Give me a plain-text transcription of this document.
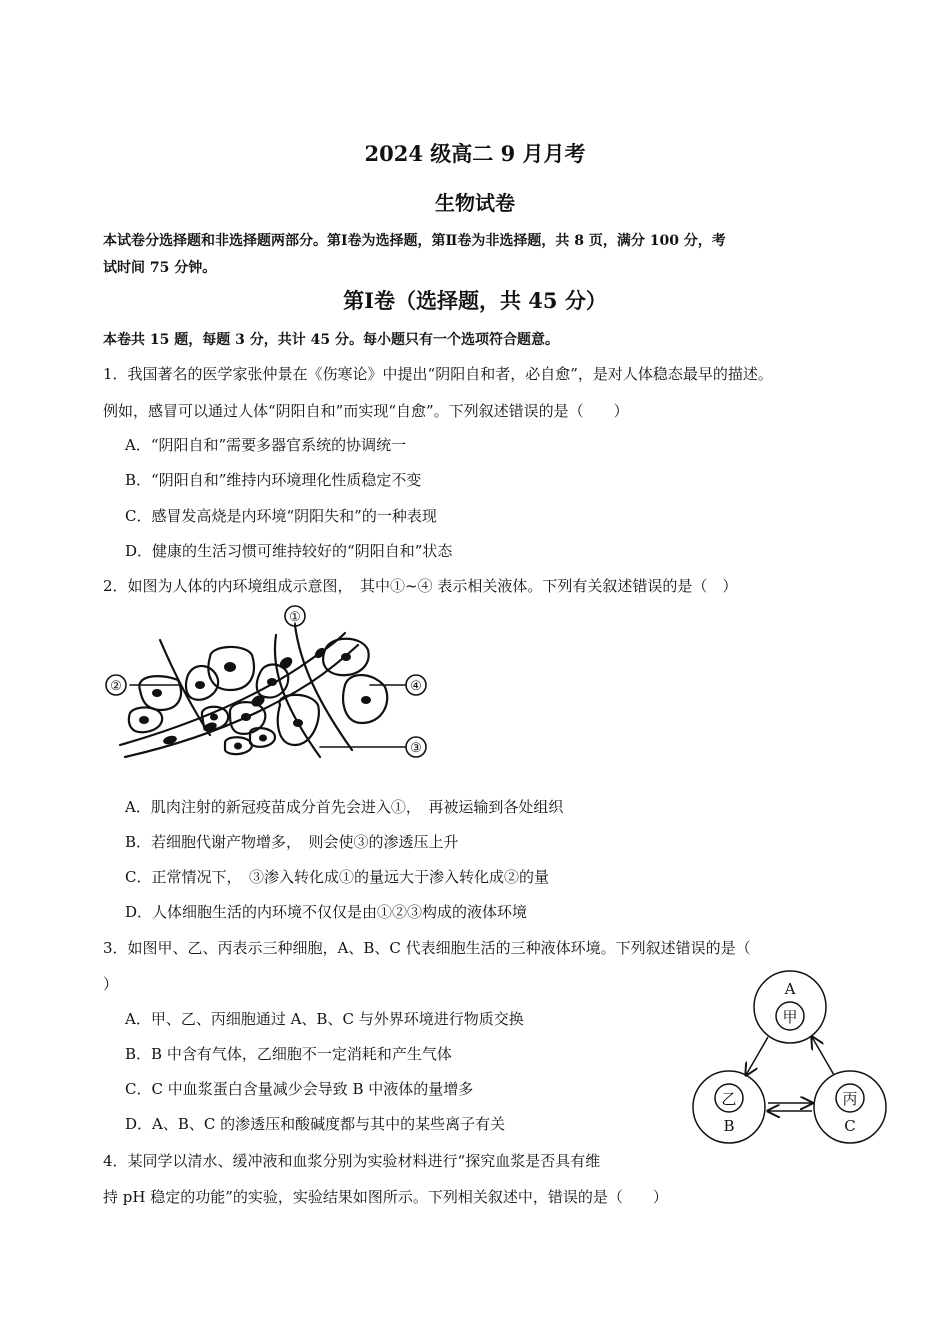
2024 级高二 9 月月考
生物试卷
本试卷分选择题和非选择题两部分。第Ⅰ卷为选择题，第Ⅱ卷为非选择题，共 8 页，满分 100 分，考
试时间 75 分钟。
第Ⅰ卷（选择题，共 45 分）
本卷共 15 题，每题 3 分，共计 45 分。每小题只有一个选项符合题意。
1．我国著名的医学家张仲景在《伤寒论》中提出“阴阳自和者，必自愈”，是对人体稳态最早的描述。
例如，感冒可以通过人体“阴阳自和”而实现“自愈”。下列叙述错误的是（　　）
A．“阴阳自和”需要多器官系统的协调统一
B．“阴阳自和”维持内环境理化性质稳定不变
C．感冒发高烧是内环境“阴阳失和”的一种表现
D．健康的生活习惯可维持较好的“阴阳自和”状态
2．如图为人体的内环境组成示意图，　其中①~④ 表示相关液体。下列有关叙述错误的是（　）
①
②
③
④
A．肌肉注射的新冠疫苗成分首先会进入①，　再被运输到各处组织
B．若细胞代谢产物增多，　则会使③的渗透压上升
C．正常情况下，　③渗入转化成①的量远大于渗入转化成②的量
D．人体细胞生活的内环境不仅仅是由①②③构成的液体环境
3．如图甲、乙、丙表示三种细胞，A、B、C 代表细胞生活的三种液体环境。下列叙述错误的是（
）
A．甲、乙、丙细胞通过 A、B、C 与外界环境进行物质交换
B．B 中含有气体，乙细胞不一定消耗和产生气体
C．C 中血浆蛋白含量减少会导致 B 中液体的量增多
D．A、B、C 的渗透压和酸碱度都与其中的某些离子有关
A
甲
乙
B
丙
C
4．某同学以清水、缓冲液和血浆分别为实验材料进行“探究血浆是否具有维
持 pH 稳定的功能”的实验，实验结果如图所示。下列相关叙述中，错误的是（　　）
